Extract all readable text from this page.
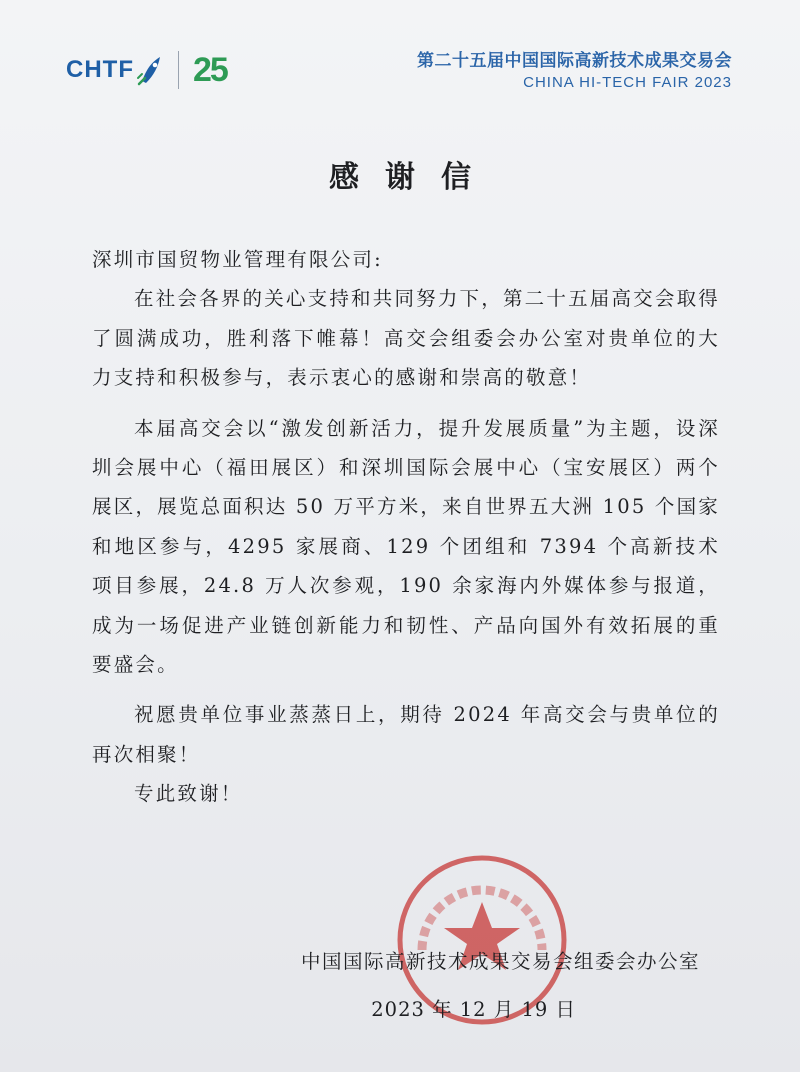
CHTF 25	第二十五届中国国际高新技术成果交易会
CHINA HI-TECH FAIR 2023
感谢信

深圳市国贸物业管理有限公司:

在社会各界的关心支持和共同努力下，第二十五届高交会取得了圆满成功，胜利落下帷幕！高交会组委会办公室对贵单位的大力支持和积极参与，表示衷心的感谢和崇高的敬意！

本届高交会以“激发创新活力，提升发展质量”为主题，设深圳会展中心（福田展区）和深圳国际会展中心（宝安展区）两个展区，展览总面积达 50 万平方米，来自世界五大洲 105 个国家和地区参与，4295 家展商、129 个团组和 7394 个高新技术项目参展，24.8 万人次参观，190 余家海内外媒体参与报道，成为一场促进产业链创新能力和韧性、产品向国外有效拓展的重要盛会。

祝愿贵单位事业蒸蒸日上，期待 2024 年高交会与贵单位的再次相聚！

专此致谢！

中国国际高新技术成果交易会组委会办公室
2023 年 12 月 19 日
